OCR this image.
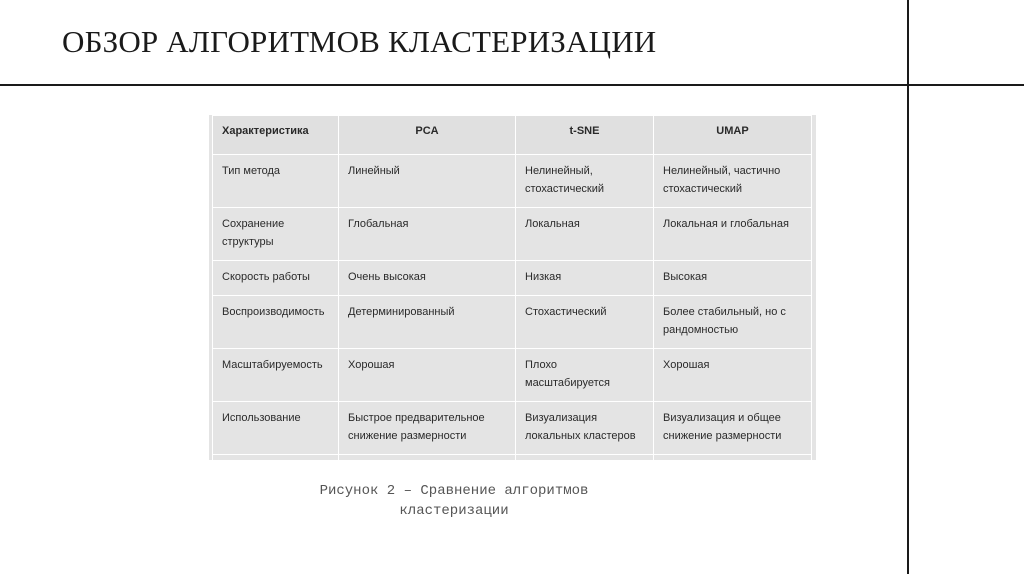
ОБЗОР АЛГОРИТМОВ КЛАСТЕРИЗАЦИИ
Характеристика	PCA	t-SNE	UMAP
Тип метода	Линейный	Нелинейный, стохастический	Нелинейный, частично стохастический
Сохранение структуры	Глобальная	Локальная	Локальная и глобальная
Скорость работы	Очень высокая	Низкая	Высокая
Воспроизводимость	Детерминированный	Стохастический	Более стабильный, но с рандомностью
Масштабируемость	Хорошая	Плохо масштабируется	Хорошая
Использование	Быстрое предварительное снижение размерности	Визуализация локальных кластеров	Визуализация и общее снижение размерности

Рисунок 2 – Сравнение алгоритмов
кластеризации
